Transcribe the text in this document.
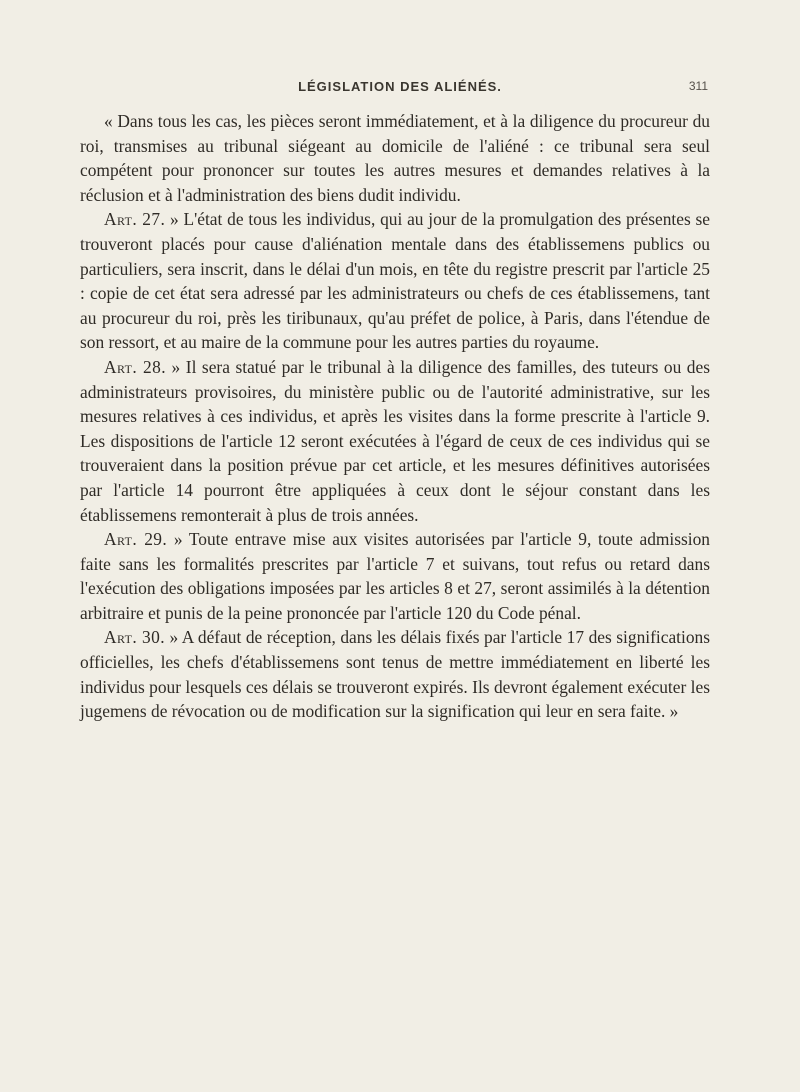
LÉGISLATION DES ALIÉNÉS.	311

« Dans tous les cas, les pièces seront immédiatement, et à la diligence du procureur du roi, transmises au tribunal siégeant au domicile de l'aliéné : ce tribunal sera seul compétent pour prononcer sur toutes les autres mesures et demandes relatives à la réclusion et à l'administration des biens dudit individu.

Art. 27. » L'état de tous les individus, qui au jour de la promulgation des présentes se trouveront placés pour cause d'aliénation mentale dans des établissemens publics ou particuliers, sera inscrit, dans le délai d'un mois, en tête du registre prescrit par l'article 25 : copie de cet état sera adressé par les administrateurs ou chefs de ces établissemens, tant au procureur du roi, près les tiribunaux, qu'au préfet de police, à Paris, dans l'étendue de son ressort, et au maire de la commune pour les autres parties du royaume.

Art. 28. » Il sera statué par le tribunal à la diligence des familles, des tuteurs ou des administrateurs provisoires, du ministère public ou de l'autorité administrative, sur les mesures relatives à ces individus, et après les visites dans la forme prescrite à l'article 9. Les dispositions de l'article 12 seront exécutées à l'égard de ceux de ces individus qui se trouveraient dans la position prévue par cet article, et les mesures définitives autorisées par l'article 14 pourront être appliquées à ceux dont le séjour constant dans les établissemens remonterait à plus de trois années.

Art. 29. » Toute entrave mise aux visites autorisées par l'article 9, toute admission faite sans les formalités prescrites par l'article 7 et suivans, tout refus ou retard dans l'exécution des obligations imposées par les articles 8 et 27, seront assimilés à la détention arbitraire et punis de la peine prononcée par l'article 120 du Code pénal.

Art. 30. » A défaut de réception, dans les délais fixés par l'article 17 des significations officielles, les chefs d'établissemens sont tenus de mettre immédiatement en liberté les individus pour lesquels ces délais se trouveront expirés. Ils devront également exécuter les jugemens de révocation ou de modification sur la signification qui leur en sera faite. »
